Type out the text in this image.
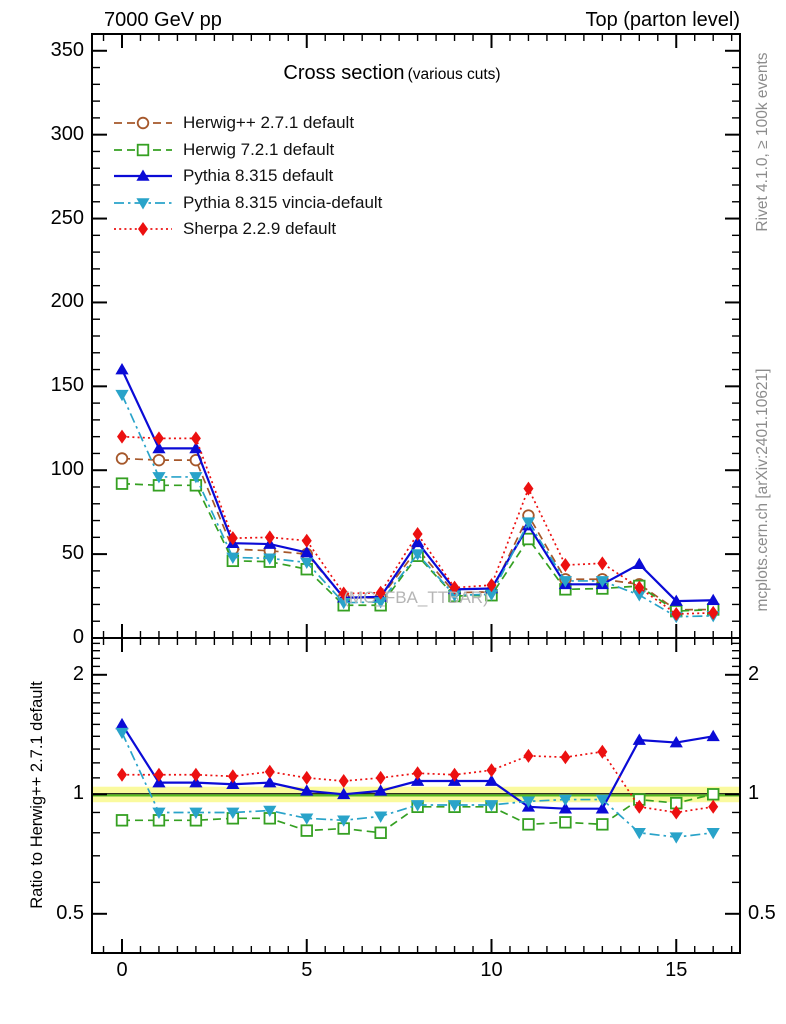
7000 GeV pp	Top (parton level)
Cross section (various cuts)
(MC_FBA_TTBAR)
Rivet 4.1.0, ≥ 100k events
mcplots.cern.ch [arXiv:2401.10621]
Ratio to Herwig++ 2.7.1 default
Herwig++ 2.7.1 default
Herwig 7.2.1 default
Pythia 8.315 default
Pythia 8.315 vincia-default
Sherpa 2.2.9 default
0
50
100
150
200
250
300
350
0.5	0.5
1	1
2	2
0	5	10	15
